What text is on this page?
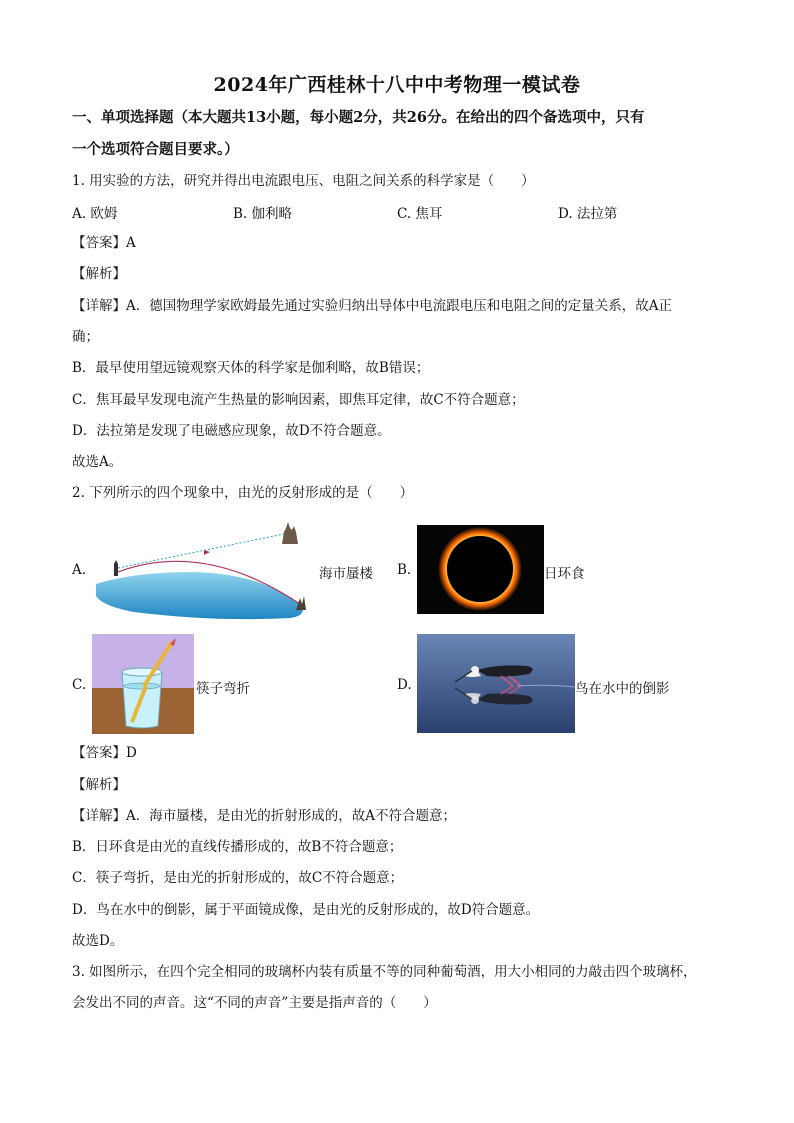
2024年广西桂林十八中中考物理一模试卷
一、单项选择题（本大题共13小题，每小题2分，共26分。在给出的四个备选项中，只有
一个选项符合题目要求。）
1. 用实验的方法，研究并得出电流跟电压、电阻之间关系的科学家是（　　）
A. 欧姆	B. 伽利略	C. 焦耳	D. 法拉第
【答案】A
【解析】
【详解】A．德国物理学家欧姆最先通过实验归纳出导体中电流跟电压和电阻之间的定量关系，故A正
确；
B．最早使用望远镜观察天体的科学家是伽利略，故B错误；
C．焦耳最早发现电流产生热量的影响因素，即焦耳定律，故C不符合题意；
D．法拉第是发现了电磁感应现象，故D不符合题意。
故选A。
2. 下列所示的四个现象中，由光的反射形成的是（　　）
A.	海市蜃楼 B.	日环食
C.	筷子弯折	D.	鸟在水中的倒影
【答案】D
【解析】
【详解】A．海市蜃楼，是由光的折射形成的，故A不符合题意；
B．日环食是由光的直线传播形成的，故B不符合题意；
C．筷子弯折，是由光的折射形成的，故C不符合题意；
D．鸟在水中的倒影，属于平面镜成像，是由光的反射形成的，故D符合题意。
故选D。
3. 如图所示，在四个完全相同的玻璃杯内装有质量不等的同种葡萄酒，用大小相同的力敲击四个玻璃杯，
会发出不同的声音。这“不同的声音”主要是指声音的（　　）
